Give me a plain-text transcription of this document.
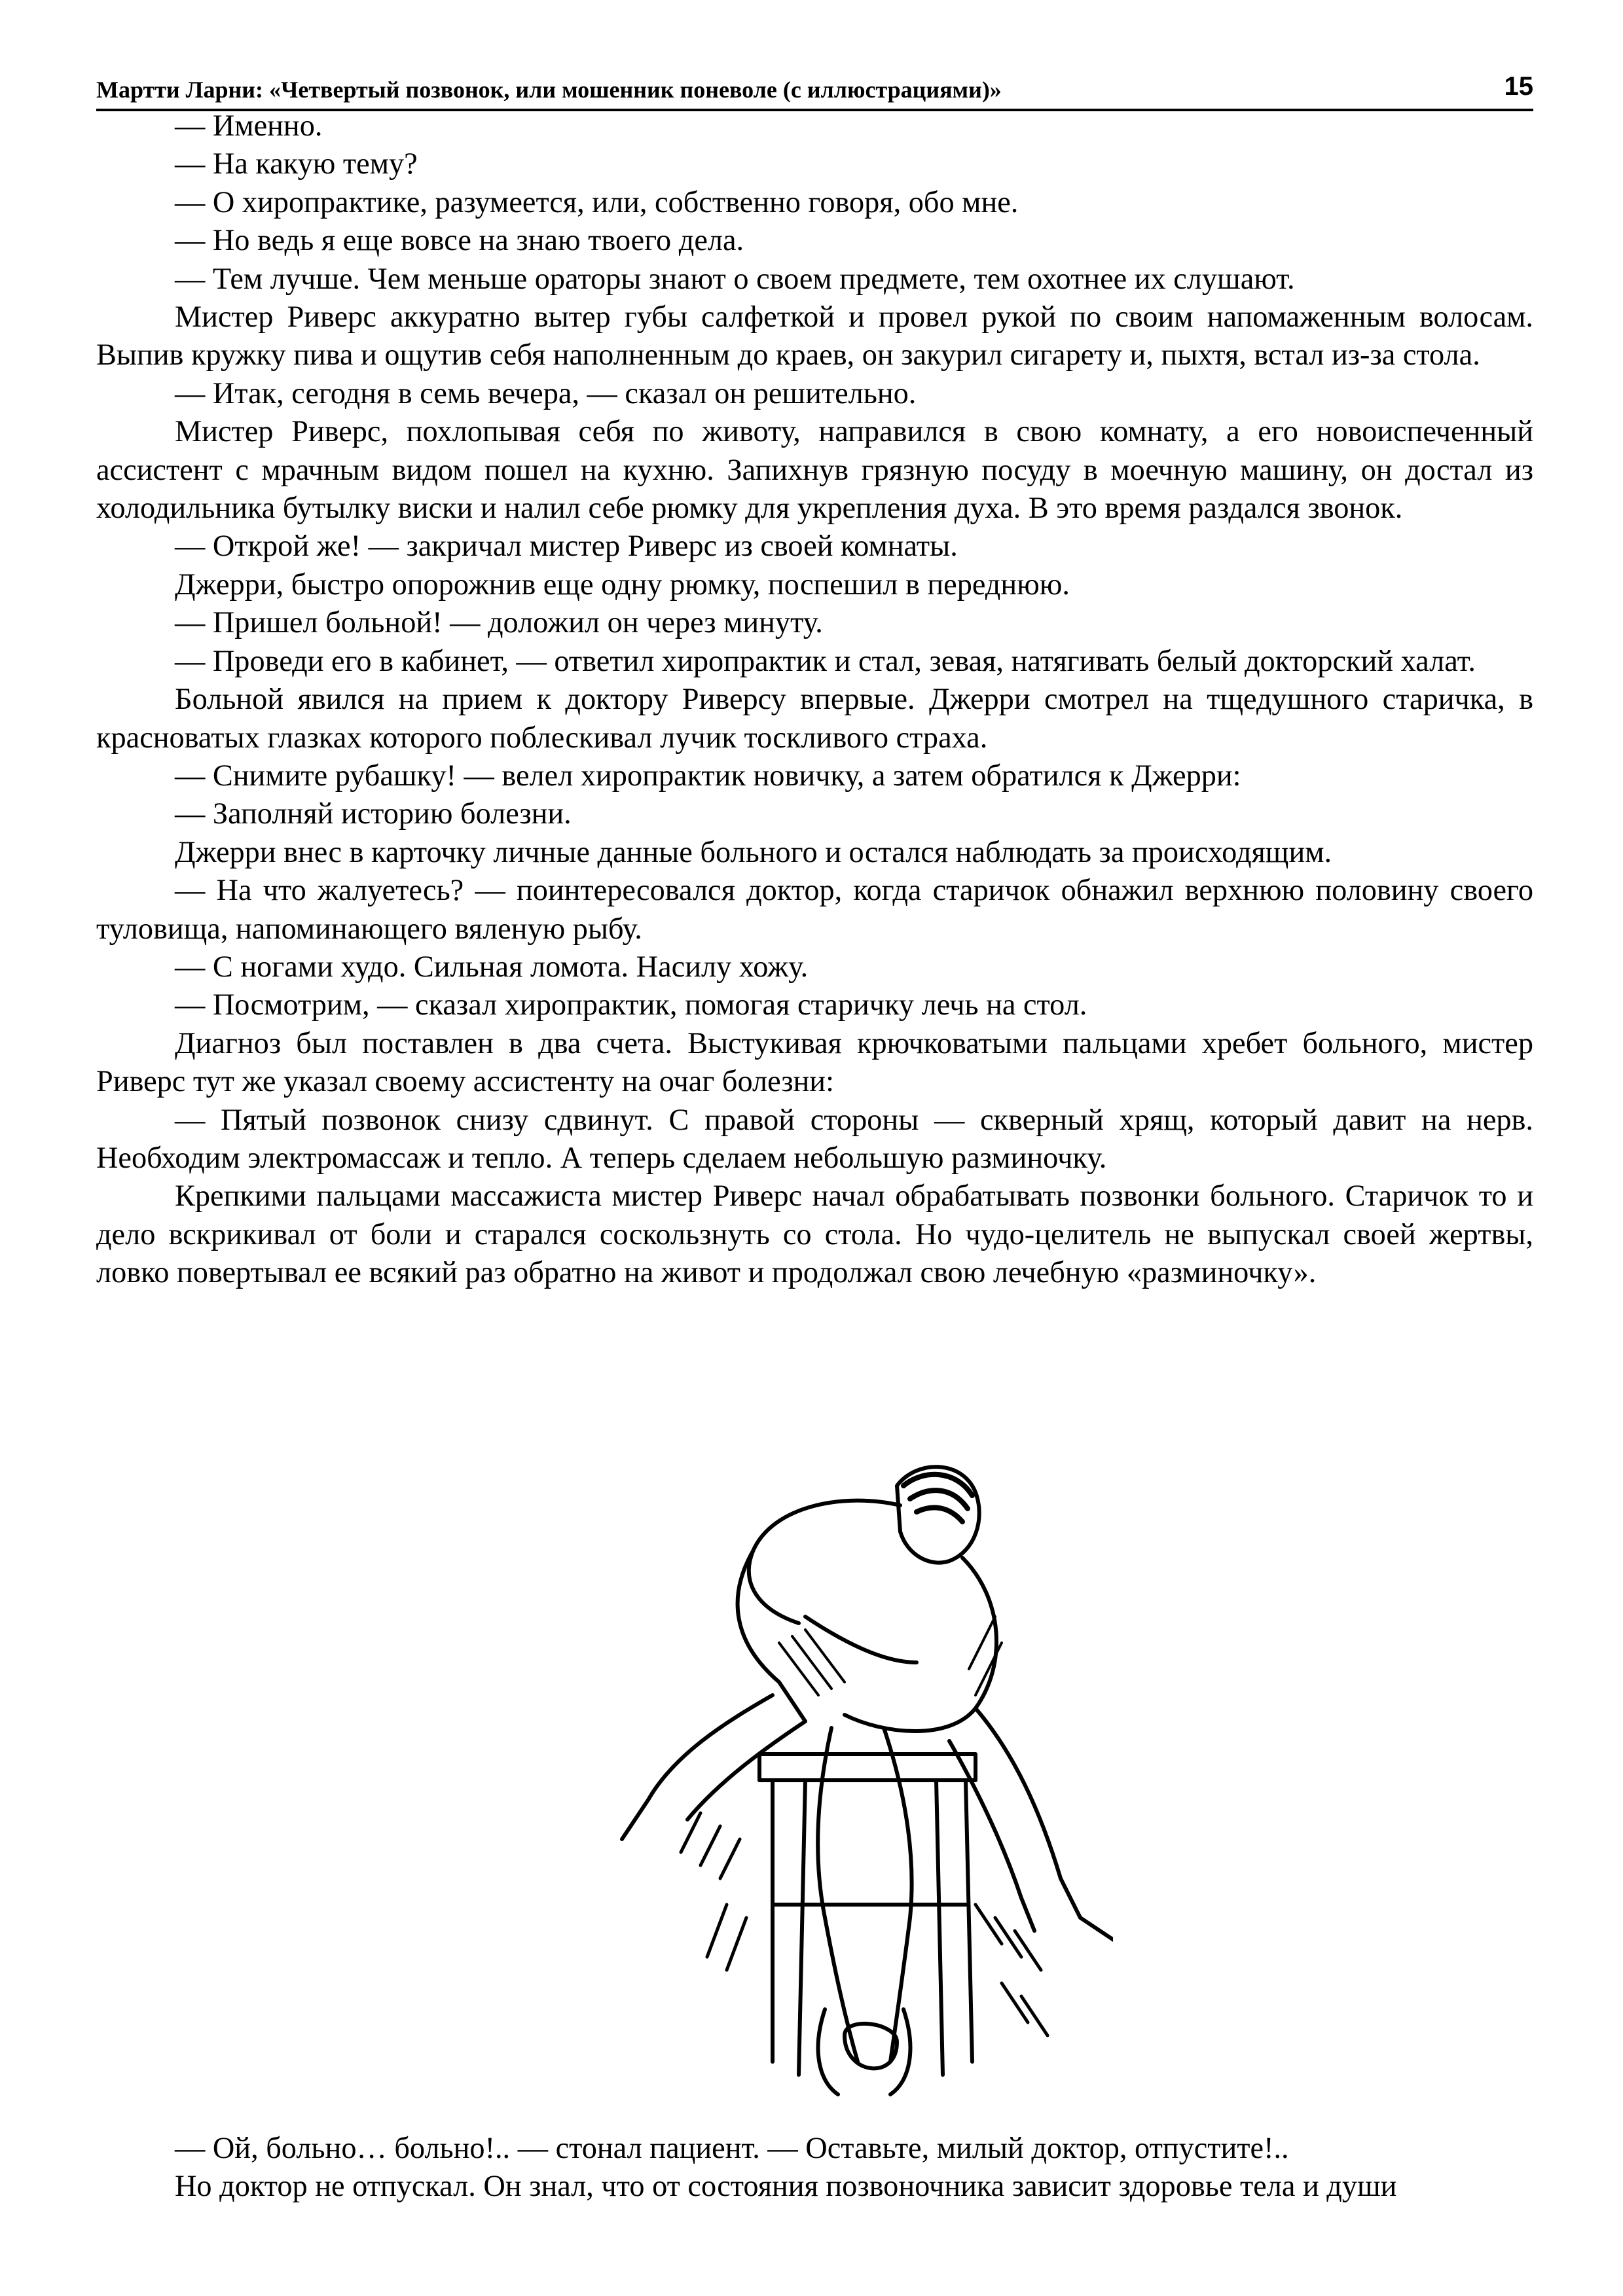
Мартти Ларни: «Четвертый позвонок, или мошенник поневоле (с иллюстрациями)»	15

— Именно.

— На какую тему?

— О хиропрактике, разумеется, или, собственно говоря, обо мне.

— Но ведь я еще вовсе на знаю твоего дела.

— Тем лучше. Чем меньше ораторы знают о своем предмете, тем охотнее их слушают.

Мистер Риверс аккуратно вытер губы салфеткой и провел рукой по своим напомаженным волосам. Выпив кружку пива и ощутив себя наполненным до краев, он закурил сигарету и, пыхтя, встал из-за стола.

— Итак, сегодня в семь вечера, — сказал он решительно.

Мистер Риверс, похлопывая себя по животу, направился в свою комнату, а его новоиспеченный ассистент с мрачным видом пошел на кухню. Запихнув грязную посуду в моечную машину, он достал из холодильника бутылку виски и налил себе рюмку для укрепления духа. В это время раздался звонок.

— Открой же! — закричал мистер Риверс из своей комнаты.

Джерри, быстро опорожнив еще одну рюмку, поспешил в переднюю.

— Пришел больной! — доложил он через минуту.

— Проведи его в кабинет, — ответил хиропрактик и стал, зевая, натягивать белый докторский халат.

Больной явился на прием к доктору Риверсу впервые. Джерри смотрел на тщедушного старичка, в красноватых глазках которого поблескивал лучик тоскливого страха.

— Снимите рубашку! — велел хиропрактик новичку, а затем обратился к Джерри:

— Заполняй историю болезни.

Джерри внес в карточку личные данные больного и остался наблюдать за происходящим.

— На что жалуетесь? — поинтересовался доктор, когда старичок обнажил верхнюю половину своего туловища, напоминающего вяленую рыбу.

— С ногами худо. Сильная ломота. Насилу хожу.

— Посмотрим, — сказал хиропрактик, помогая старичку лечь на стол.

Диагноз был поставлен в два счета. Выстукивая крючковатыми пальцами хребет больного, мистер Риверс тут же указал своему ассистенту на очаг болезни:

— Пятый позвонок снизу сдвинут. С правой стороны — скверный хрящ, который давит на нерв. Необходим электромассаж и тепло. А теперь сделаем небольшую разминочку.

Крепкими пальцами массажиста мистер Риверс начал обрабатывать позвонки больного. Старичок то и дело вскрикивал от боли и старался соскользнуть со стола. Но чудо-целитель не выпускал своей жертвы, ловко повертывал ее всякий раз обратно на живот и продолжал свою лечебную «разминочку».

— Ой, больно… больно!.. — стонал пациент. — Оставьте, милый доктор, отпустите!..

Но доктор не отпускал. Он знал, что от состояния позвоночника зависит здоровье тела и души
